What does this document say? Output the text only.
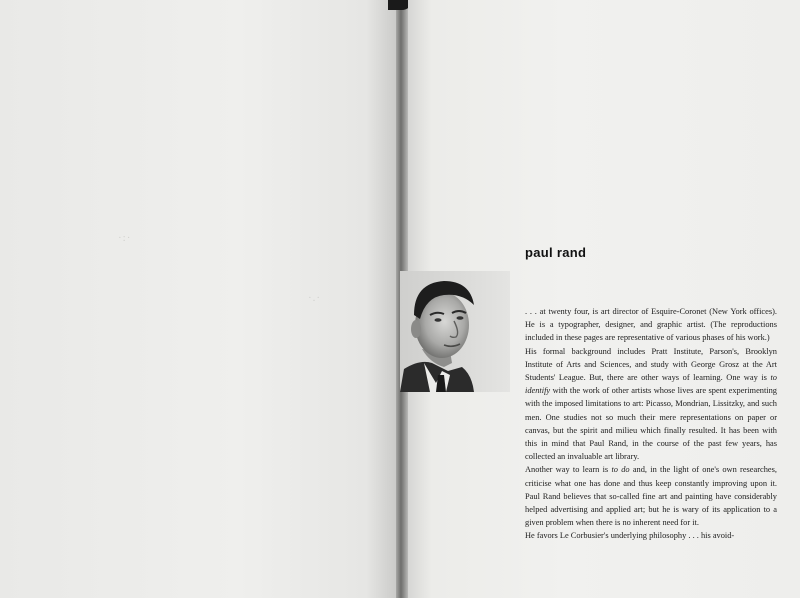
·:·
·.·
paul rand

. . . at twenty four, is art director of Esquire-Coronet (New York offices). He is a typographer, designer, and graphic artist. (The reproductions included in these pages are representative of various phases of his work.)

His formal background includes Pratt Institute, Parson's, Brooklyn Institute of Arts and Sciences, and study with George Grosz at the Art Students' League. But, there are other ways of learning. One way is to identify with the work of other artists whose lives are spent experimenting with the imposed limitations to art: Picasso, Mondrian, Lissitzky, and such men. One studies not so much their mere representations on paper or canvas, but the spirit and milieu which finally resulted. It has been with this in mind that Paul Rand, in the course of the past few years, has collected an invaluable art library.

Another way to learn is to do and, in the light of one's own researches, criticise what one has done and thus keep constantly improving upon it. Paul Rand believes that so-called fine art and painting have considerably helped advertising and applied art; but he is wary of its application to a given problem when there is no inherent need for it.

He favors Le Corbusier's underlying philosophy . . . his avoid-
